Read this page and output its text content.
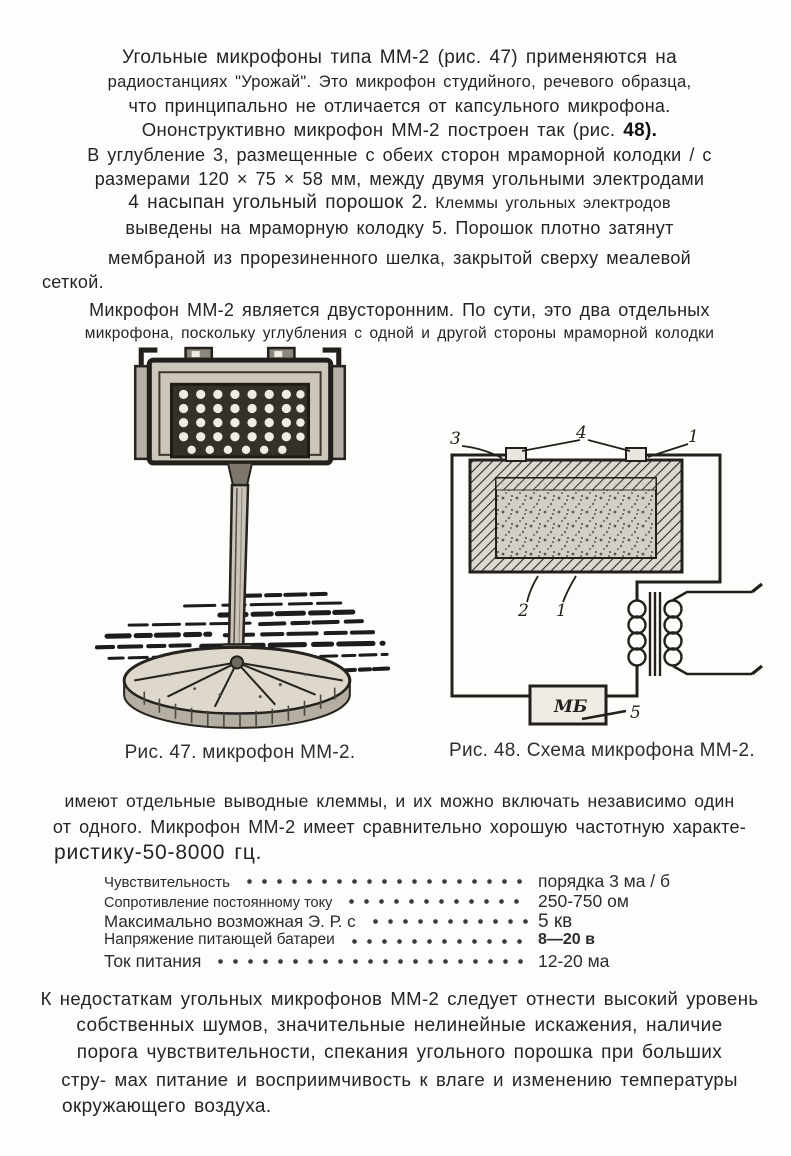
Угольные микрофоны типа ММ-2 (рис. 47) применяются на
радиостанциях "Урожай". Это микрофон студийного, речевого образца,
что принципально не отличается от капсульного микрофона.
Ононструктивно микрофон ММ-2 построен так (рис. 48).
В углубление 3, размещенные с обеих сторон мраморной колодки / с
размерами 120 × 75 × 58 мм, между двумя угольными электродами
4 насыпан угольный порошок 2. Клеммы угольных электродов
выведены на мраморную колодку 5. Порошок плотно затянут
мембраной из прорезиненного шелка, закрытой сверху меалевой
сеткой.
Микрофон ММ-2 является двусторонним. По сути, это два отдельных
микрофона, поскольку углубления с одной и другой стороны мраморной колодки
МБ	5
3	4	1
2 1
Рис. 47. микрофон ММ-2.	Рис. 48. Схема микрофона ММ-2.
имеют отдельные выводные клеммы, и их можно включать независимо один
от одного. Микрофон ММ-2 имеет сравнительно хорошую частотную характе-
ристику-50-8000 гц.
Чувствительность	порядка 3 ма / б
Сопротивление постоянному току	250-750 ом
Максимально возможная Э. Р. с	5 кв
Напряжение питающей батареи	8—20 в
Ток питания	12-20 ма
К недостаткам угольных микрофонов ММ-2 следует отнести высокий уровень
собственных шумов, значительные нелинейные искажения, наличие
порога чувствительности, спекания угольного порошка при больших
стру- мах питание и восприимчивость к влаге и изменению температуры
окружающего воздуха.
